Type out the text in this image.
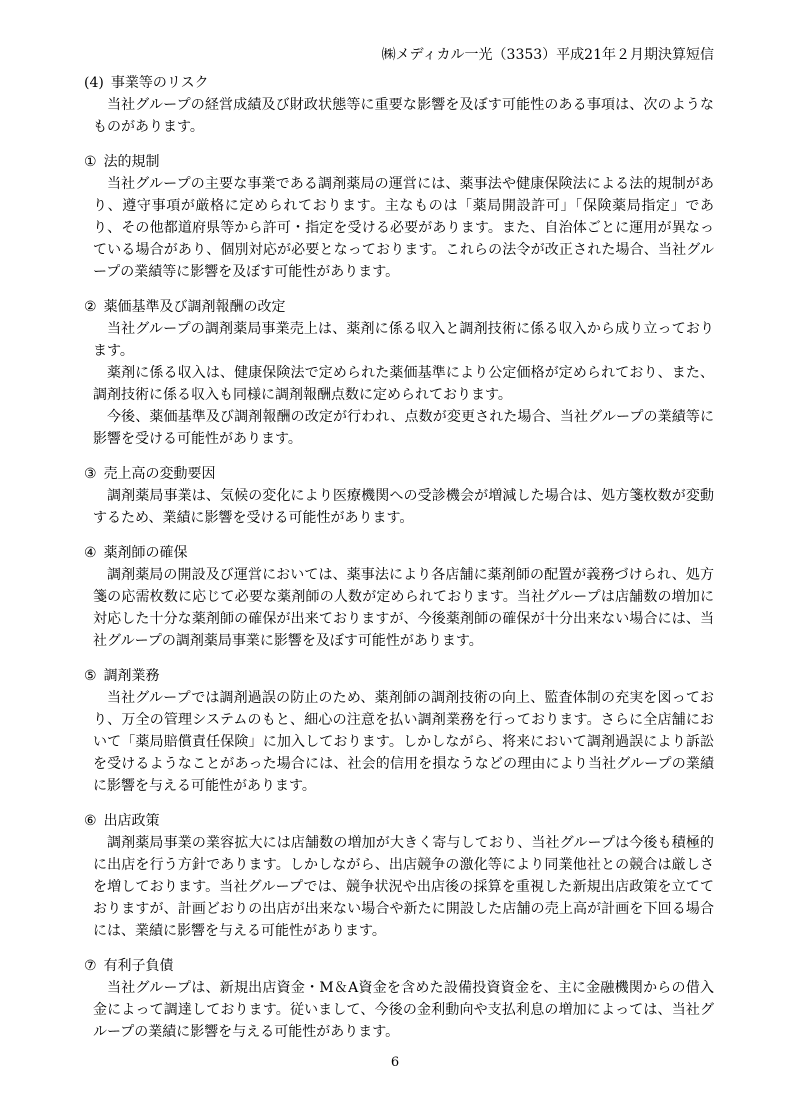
㈱メディカル一光（3353）平成21年２月期決算短信
(4) 事業等のリスク

当社グループの経営成績及び財政状態等に重要な影響を及ぼす可能性のある事項は、次のようなものがあります。

① 法的規制

当社グループの主要な事業である調剤薬局の運営には、薬事法や健康保険法による法的規制があり、遵守事項が厳格に定められております。主なものは「薬局開設許可」「保険薬局指定」であり、その他都道府県等から許可・指定を受ける必要があります。また、自治体ごとに運用が異なっている場合があり、個別対応が必要となっております。これらの法令が改正された場合、当社グループの業績等に影響を及ぼす可能性があります。

② 薬価基準及び調剤報酬の改定

当社グループの調剤薬局事業売上は、薬剤に係る収入と調剤技術に係る収入から成り立っております。

薬剤に係る収入は、健康保険法で定められた薬価基準により公定価格が定められており、また、調剤技術に係る収入も同様に調剤報酬点数に定められております。

今後、薬価基準及び調剤報酬の改定が行われ、点数が変更された場合、当社グループの業績等に影響を受ける可能性があります。

③ 売上高の変動要因

調剤薬局事業は、気候の変化により医療機関への受診機会が増減した場合は、処方箋枚数が変動するため、業績に影響を受ける可能性があります。

④ 薬剤師の確保

調剤薬局の開設及び運営においては、薬事法により各店舗に薬剤師の配置が義務づけられ、処方箋の応需枚数に応じて必要な薬剤師の人数が定められております。当社グループは店舗数の増加に対応した十分な薬剤師の確保が出来ておりますが、今後薬剤師の確保が十分出来ない場合には、当社グループの調剤薬局事業に影響を及ぼす可能性があります。

⑤ 調剤業務

当社グループでは調剤過誤の防止のため、薬剤師の調剤技術の向上、監査体制の充実を図っており、万全の管理システムのもと、細心の注意を払い調剤業務を行っております。さらに全店舗において「薬局賠償責任保険」に加入しております。しかしながら、将来において調剤過誤により訴訟を受けるようなことがあった場合には、社会的信用を損なうなどの理由により当社グループの業績に影響を与える可能性があります。

⑥ 出店政策

調剤薬局事業の業容拡大には店舗数の増加が大きく寄与しており、当社グループは今後も積極的に出店を行う方針であります。しかしながら、出店競争の激化等により同業他社との競合は厳しさを増しております。当社グループでは、競争状況や出店後の採算を重視した新規出店政策を立てておりますが、計画どおりの出店が出来ない場合や新たに開設した店舗の売上高が計画を下回る場合には、業績に影響を与える可能性があります。

⑦ 有利子負債

当社グループは、新規出店資金・M＆A資金を含めた設備投資資金を、主に金融機関からの借入金によって調達しております。従いまして、今後の金利動向や支払利息の増加によっては、当社グループの業績に影響を与える可能性があります。

6
